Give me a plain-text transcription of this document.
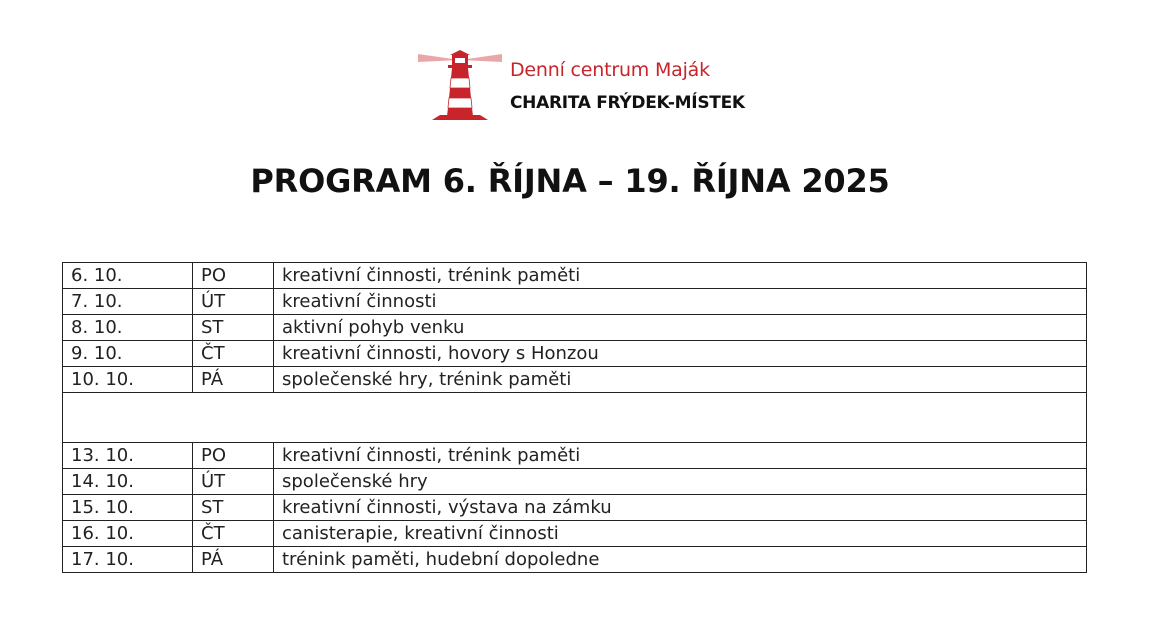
Denní centrum Maják
CHARITA FRÝDEK-MÍSTEK
PROGRAM 6. ŘÍJNA – 19. ŘÍJNA 2025
6. 10.	PO	kreativní činnosti, trénink paměti
7. 10.	ÚT	kreativní činnosti
8. 10.	ST	aktivní pohyb venku
9. 10.	ČT	kreativní činnosti, hovory s Honzou
10. 10.	PÁ	společenské hry, trénink paměti

13. 10.	PO	kreativní činnosti, trénink paměti
14. 10.	ÚT	společenské hry
15. 10.	ST	kreativní činnosti, výstava na zámku
16. 10.	ČT	canisterapie, kreativní činnosti
17. 10.	PÁ	trénink paměti, hudební dopoledne
